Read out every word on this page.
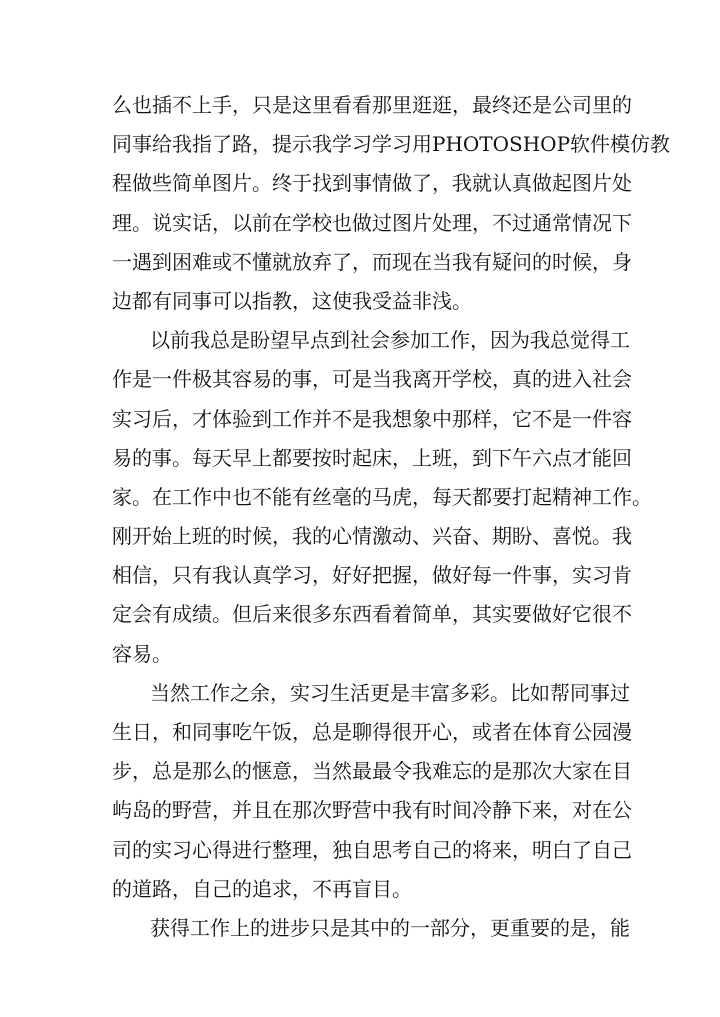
么也插不上手，只是这里看看那里逛逛，最终还是公司里的
同事给我指了路，提示我学习学习用PHOTOSHOP软件模仿教
程做些简单图片。终于找到事情做了，我就认真做起图片处
理。说实话，以前在学校也做过图片处理，不过通常情况下
一遇到困难或不懂就放弃了，而现在当我有疑问的时候，身
边都有同事可以指教，这使我受益非浅。
以前我总是盼望早点到社会参加工作，因为我总觉得工
作是一件极其容易的事，可是当我离开学校，真的进入社会
实习后，才体验到工作并不是我想象中那样，它不是一件容
易的事。每天早上都要按时起床，上班，到下午六点才能回
家。在工作中也不能有丝毫的马虎，每天都要打起精神工作。
刚开始上班的时候，我的心情激动、兴奋、期盼、喜悦。我
相信，只有我认真学习，好好把握，做好每一件事，实习肯
定会有成绩。但后来很多东西看着简单，其实要做好它很不
容易。
当然工作之余，实习生活更是丰富多彩。比如帮同事过
生日，和同事吃午饭，总是聊得很开心，或者在体育公园漫
步，总是那么的惬意，当然最最令我难忘的是那次大家在目
屿岛的野营，并且在那次野营中我有时间冷静下来，对在公
司的实习心得进行整理，独自思考自己的将来，明白了自己
的道路，自己的追求，不再盲目。
获得工作上的进步只是其中的一部分，更重要的是，能
